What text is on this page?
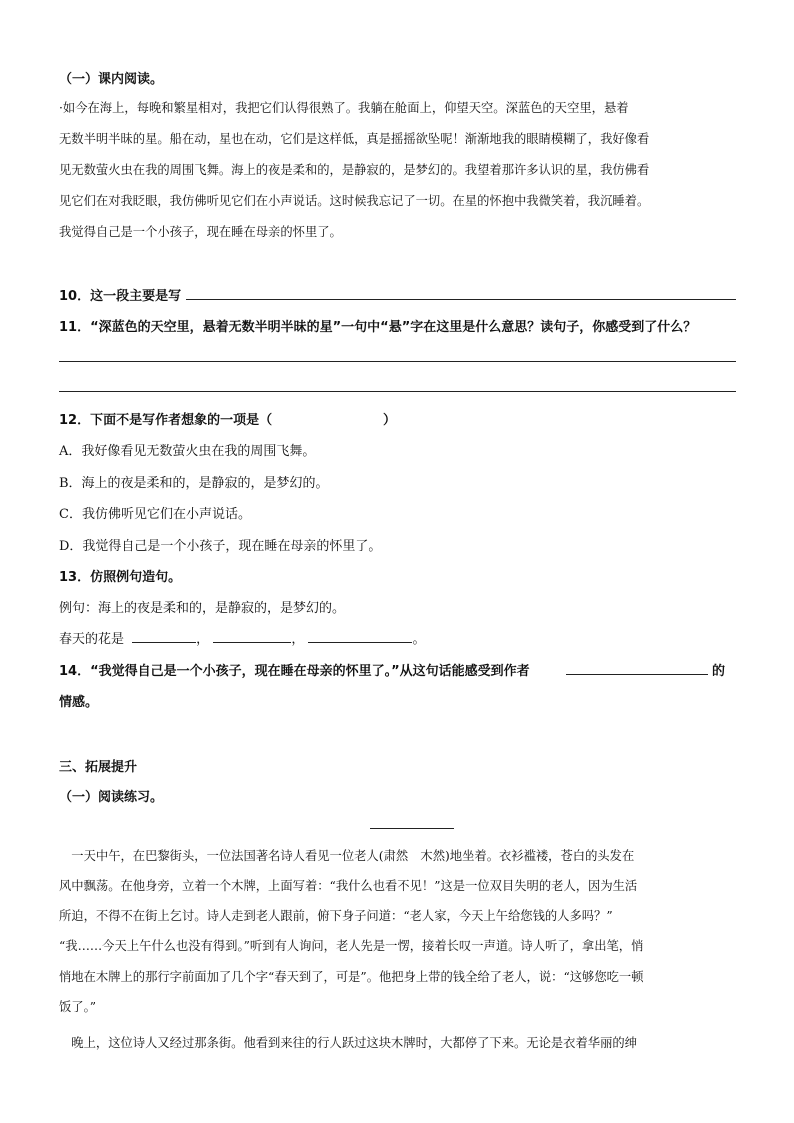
（一）课内阅读。
·如今在海上，每晚和繁星相对，我把它们认得很熟了。我躺在舱面上，仰望天空。深蓝色的天空里，悬着
无数半明半昧的星。船在动，星也在动，它们是这样低，真是摇摇欲坠呢！渐渐地我的眼睛模糊了，我好像看
见无数萤火虫在我的周围飞舞。海上的夜是柔和的，是静寂的，是梦幻的。我望着那许多认识的星，我仿佛看
见它们在对我眨眼，我仿佛听见它们在小声说话。这时候我忘记了一切。在星的怀抱中我微笑着，我沉睡着。
我觉得自己是一个小孩子，现在睡在母亲的怀里了。
10．这一段主要是写
11．“深蓝色的天空里，悬着无数半明半昧的星”一句中“悬”字在这里是什么意思？读句子，你感受到了什么？
12．下面不是写作者想象的一项是（	）
A．我好像看见无数萤火虫在我的周围飞舞。
B．海上的夜是柔和的，是静寂的，是梦幻的。
C．我仿佛听见它们在小声说话。
D．我觉得自己是一个小孩子，现在睡在母亲的怀里了。
13．仿照例句造句。
例句：海上的夜是柔和的，是静寂的，是梦幻的。
春天的花是	，	，	。
14．“我觉得自己是一个小孩子，现在睡在母亲的怀里了。”从这句话能感受到作者	的
情感。
三、拓展提升
（一）阅读练习。
　一天中午，在巴黎街头，一位法国著名诗人看见一位老人(肃然　木然)地坐着。衣衫褴褛，苍白的头发在
风中飘荡。在他身旁，立着一个木牌，上面写着：“我什么也看不见！”这是一位双目失明的老人，因为生活
所迫，不得不在街上乞讨。诗人走到老人跟前，俯下身子问道：“老人家，今天上午给您钱的人多吗？”
“我……今天上午什么也没有得到。”听到有人询问，老人先是一愣，接着长叹一声道。诗人听了，拿出笔，悄
悄地在木牌上的那行字前面加了几个字“春天到了，可是”。他把身上带的钱全给了老人，说：“这够您吃一顿
饭了。”
　晚上，这位诗人又经过那条街。他看到来往的行人跃过这块木牌时，大都停了下来。无论是衣着华丽的绅
